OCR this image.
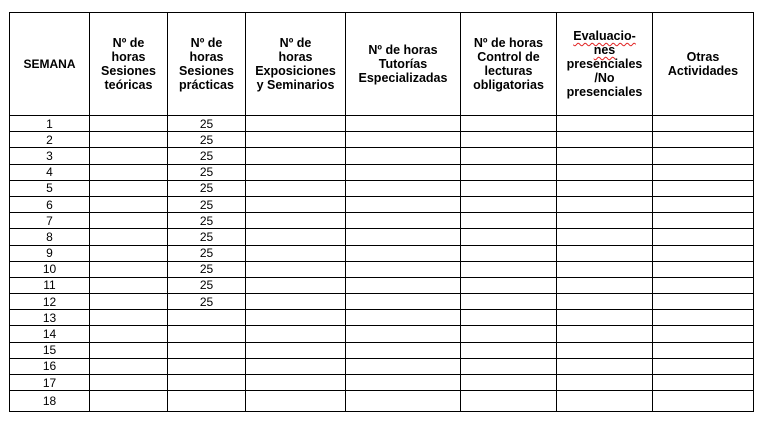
SEMANA	Nº de
horas
Sesiones
teóricas	Nº de
horas
Sesiones
prácticas	Nº de
horas
Exposiciones
y Seminarios	Nº de horas
Tutorías
Especializadas	Nº de horas
Control de
lecturas
obligatorias	Evaluacio-
nes
presenciales
/No
presenciales	Otras
Actividades
1		25					
2		25					
3		25					
4		25					
5		25					
6		25					
7		25					
8		25					
9		25					
10		25					
11		25					
12		25					
13							
14							
15							
16							
17							
18							
